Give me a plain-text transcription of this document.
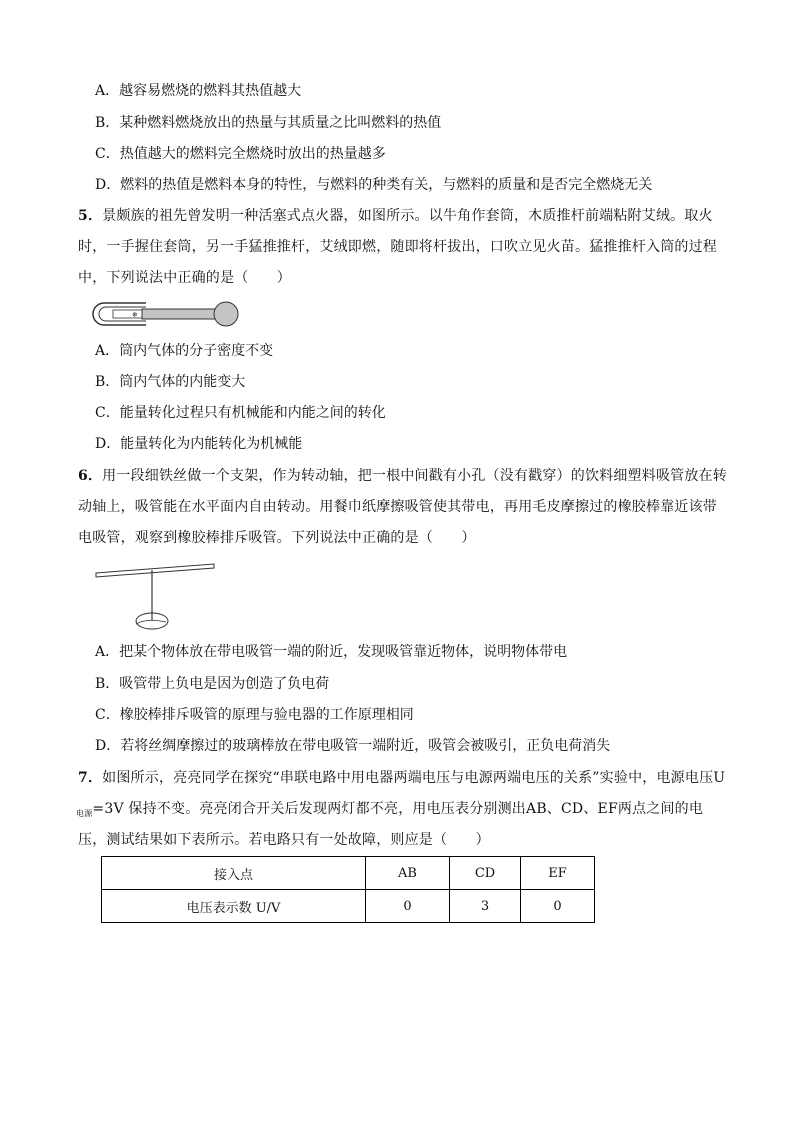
A．越容易燃烧的燃料其热值越大
B．某种燃料燃烧放出的热量与其质量之比叫燃料的热值
C．热值越大的燃料完全燃烧时放出的热量越多
D．燃料的热值是燃料本身的特性，与燃料的种类有关，与燃料的质量和是否完全燃烧无关
5．景颇族的祖先曾发明一种活塞式点火器，如图所示。以牛角作套筒，木质推杆前端粘附艾绒。取火
时，一手握住套筒，另一手猛推推杆，艾绒即燃，随即将杆拔出，口吹立见火苗。猛推推杆入筒的过程
中，下列说法中正确的是（　　）
❄
A．筒内气体的分子密度不变
B．筒内气体的内能变大
C．能量转化过程只有机械能和内能之间的转化
D．能量转化为内能转化为机械能
6．用一段细铁丝做一个支架，作为转动轴，把一根中间戳有小孔（没有戳穿）的饮料细塑料吸管放在转
动轴上，吸管能在水平面内自由转动。用餐巾纸摩擦吸管使其带电，再用毛皮摩擦过的橡胶棒靠近该带
电吸管，观察到橡胶棒排斥吸管。下列说法中正确的是（　　）
A．把某个物体放在带电吸管一端的附近，发现吸管靠近物体，说明物体带电
B．吸管带上负电是因为创造了负电荷
C．橡胶棒排斥吸管的原理与验电器的工作原理相同
D．若将丝绸摩擦过的玻璃棒放在带电吸管一端附近，吸管会被吸引，正负电荷消失
7．如图所示，亮亮同学在探究“串联电路中用电器两端电压与电源两端电压的关系”实验中，电源电压U
$_{电源}$=3V 保持不变。亮亮闭合开关后发现两灯都不亮，用电压表分别测出AB、CD、EF两点之间的电
压，测试结果如下表所示。若电路只有一处故障，则应是（　　）
接入点	AB	CD	EF
电压表示数 U/V	0	3	0
